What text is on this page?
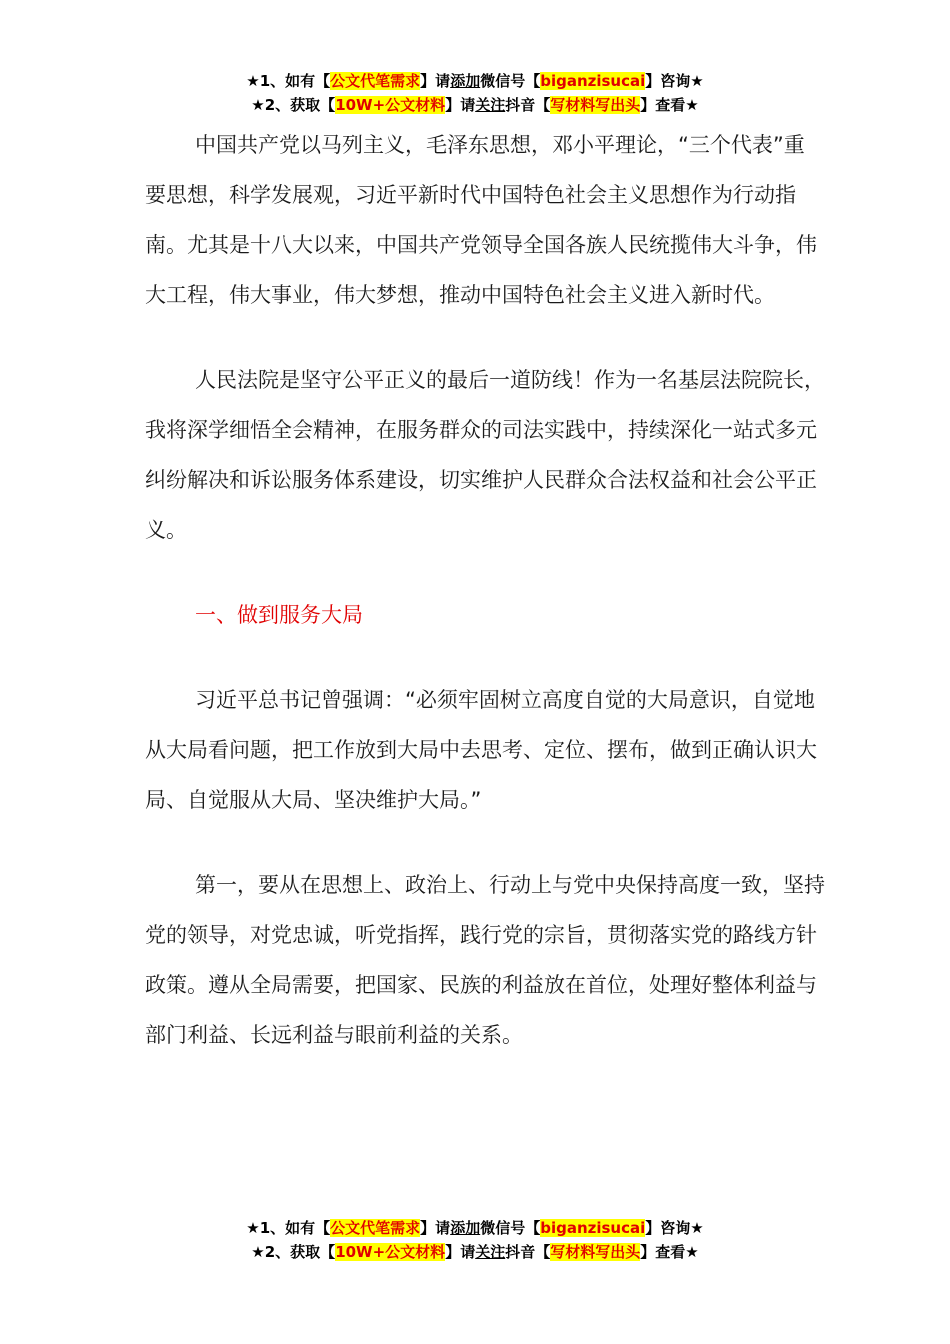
★1、如有【公文代笔需求】请添加微信号【biganzisucai】咨询★
★2、获取【10W+公文材料】请关注抖音【写材料写出头】查看★

中国共产党以马列主义，毛泽东思想，邓小平理论，“三个代表”重要思想，科学发展观，习近平新时代中国特色社会主义思想作为行动指南。尤其是十八大以来，中国共产党领导全国各族人民统揽伟大斗争，伟大工程，伟大事业，伟大梦想，推动中国特色社会主义进入新时代。

人民法院是坚守公平正义的最后一道防线！作为一名基层法院院长，我将深学细悟全会精神，在服务群众的司法实践中，持续深化一站式多元纠纷解决和诉讼服务体系建设，切实维护人民群众合法权益和社会公平正义。

一、做到服务大局

习近平总书记曾强调：“必须牢固树立高度自觉的大局意识，自觉地从大局看问题，把工作放到大局中去思考、定位、摆布，做到正确认识大局、自觉服从大局、坚决维护大局。”

第一，要从在思想上、政治上、行动上与党中央保持高度一致，坚持党的领导，对党忠诚，听党指挥，践行党的宗旨，贯彻落实党的路线方针政策。遵从全局需要，把国家、民族的利益放在首位，处理好整体利益与部门利益、长远利益与眼前利益的关系。

★1、如有【公文代笔需求】请添加微信号【biganzisucai】咨询★
★2、获取【10W+公文材料】请关注抖音【写材料写出头】查看★
